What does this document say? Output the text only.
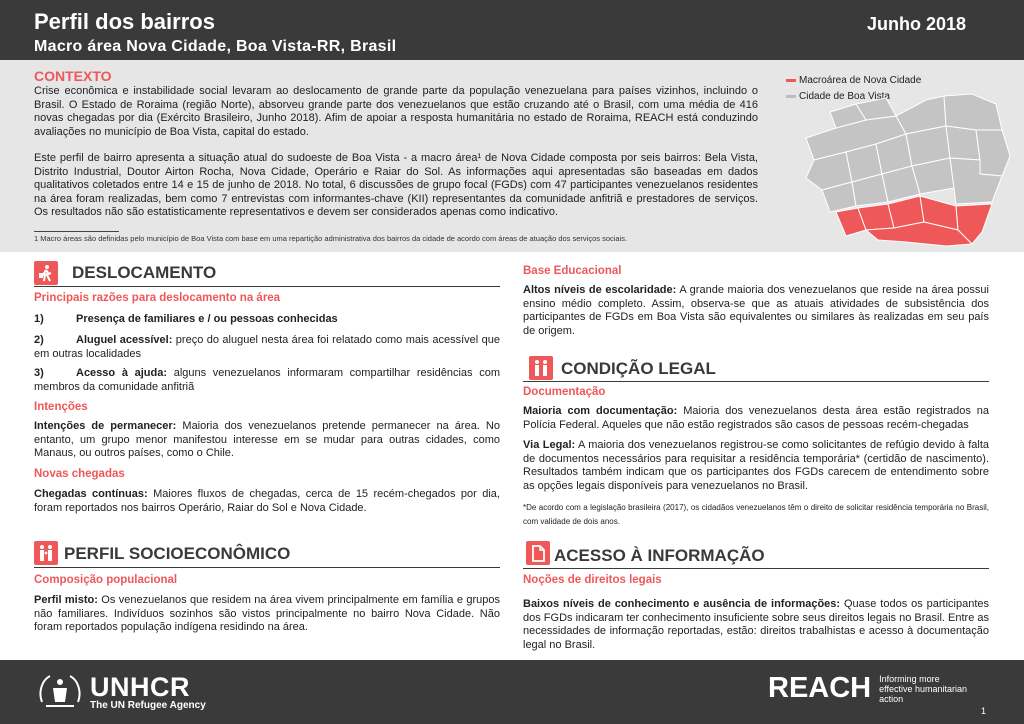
Perfil dos bairros
Macro área Nova Cidade, Boa Vista-RR, Brasil
Junho 2018
CONTEXTO
Crise econômica e instabilidade social levaram ao deslocamento de grande parte da população venezuelana para países vizinhos, incluindo o Brasil. O Estado de Roraima (região Norte), absorveu grande parte dos venezuelanos que estão cruzando até o Brasil, com uma média de 416 novas chegadas por dia (Exército Brasileiro, Junho 2018). Afim de apoiar a resposta humanitária no estado de Roraima, REACH está conduzindo avaliações no município de Boa Vista, capital do estado.
Este perfil de bairro apresenta a situação atual do sudoeste de Boa Vista - a macro área¹ de Nova Cidade composta por seis bairros: Bela Vista, Distrito Industrial, Doutor Airton Rocha, Nova Cidade, Operário e Raiar do Sol. As informações aqui apresentadas são baseadas em dados qualitativos coletados entre 14 e 15 de junho de 2018. No total, 6 discussões de grupo focal (FGDs) com 47 participantes venezuelanos residentes na área foram realizadas, bem como 7 entrevistas com informantes-chave (KII) representantes da comunidade anfitriã e prestadores de serviços. Os resultados não são estatisticamente representativos e devem ser considerados apenas como indicativo.
1 Macro áreas são definidas pelo município de Boa Vista com base em uma repartição administrativa dos bairros da cidade de acordo com áreas de atuação dos serviços sociais.
Macroárea de Nova Cidade
Cidade de Boa Vista
DESLOCAMENTO
Principais razões para deslocamento na área
1)	Presença de familiares e / ou pessoas conhecidas
2)	Aluguel acessível: preço do aluguel nesta área foi relatado como mais acessível que em outras localidades
3)	Acesso à ajuda: alguns venezuelanos informaram compartilhar residências com membros da comunidade anfitriã
Intenções
Intenções de permanecer: Maioria dos venezuelanos pretende permanecer na área. No entanto, um grupo menor manifestou interesse em se mudar para outras cidades, como Manaus, ou outros países, como o Chile.
Novas chegadas
Chegadas contínuas: Maiores fluxos de chegadas, cerca de 15 recém-chegados por dia, foram reportados nos bairros Operário, Raiar do Sol e Nova Cidade.
PERFIL SOCIOECONÔMICO
Composição populacional
Perfil misto: Os venezuelanos que residem na área vivem principalmente em família e grupos não familiares. Indivíduos sozinhos são vistos principalmente no bairro Nova Cidade. Não foram reportados população indígena residindo na área.
Base Educacional
Altos níveis de escolaridade: A grande maioria dos venezuelanos que reside na área possui ensino médio completo. Assim, observa-se que as atuais atividades de subsistência dos participantes de FGDs em Boa Vista são equivalentes ou similares às realizadas em seu país de origem.
CONDIÇÃO LEGAL
Documentação
Maioria com documentação: Maioria dos venezuelanos desta área estão registrados na Polícia Federal. Aqueles que não estão registrados são casos de pessoas recém-chegadas
Via Legal: A maioria dos venezuelanos registrou-se como solicitantes de refúgio devido à falta de documentos necessários para requisitar a residência temporária* (certidão de nascimento). Resultados também indicam que os participantes dos FGDs carecem de entendimento sobre as opções legais disponíveis para venezuelanos no Brasil.
*De acordo com a legislação brasileira (2017), os cidadãos venezuelanos têm o direito de solicitar residência temporária no Brasil, com validade de dois anos.
ACESSO À INFORMAÇÃO
Noções de direitos legais
Baixos níveis de conhecimento e ausência de informações: Quase todos os participantes dos FGDs indicaram ter conhecimento insuficiente sobre seus direitos legais no Brasil. Entre as necessidades de informação reportadas, estão: direitos trabalhistas e acesso à documentação legal no Brasil.
UNHCR
The UN Refugee Agency
REACH Informing more effective humanitarian action
1
